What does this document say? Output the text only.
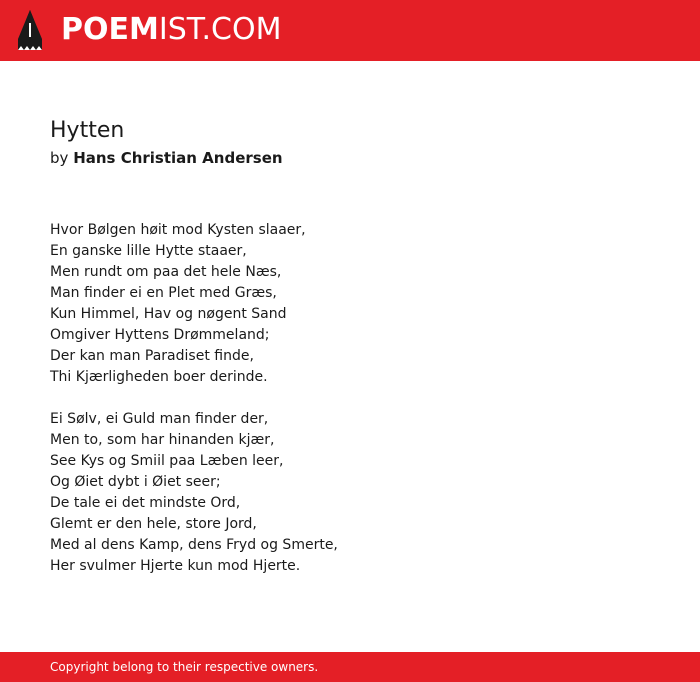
POEMIST.COM
Hytten
by Hans Christian Andersen
Hvor Bølgen høit mod Kysten slaaer,
En ganske lille Hytte staaer,
Men rundt om paa det hele Næs,
Man finder ei en Plet med Græs,
Kun Himmel, Hav og nøgent Sand
Omgiver Hyttens Drømmeland;
Der kan man Paradiset finde,
Thi Kjærligheden boer derinde.
Ei Sølv, ei Guld man finder der,
Men to, som har hinanden kjær,
See Kys og Smiil paa Læben leer,
Og Øiet dybt i Øiet seer;
De tale ei det mindste Ord,
Glemt er den hele, store Jord,
Med al dens Kamp, dens Fryd og Smerte,
Her svulmer Hjerte kun mod Hjerte.
Copyright belong to their respective owners.
